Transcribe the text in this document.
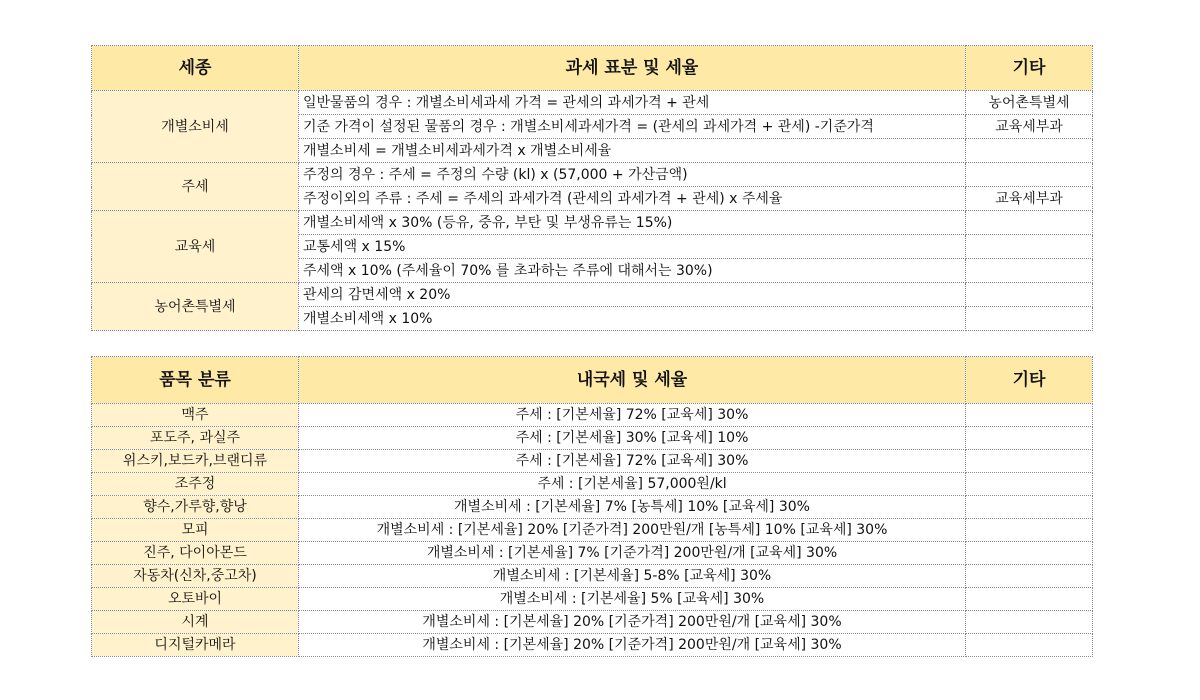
세종	과세 표분 및 세율	기타
개별소비세	일반물품의 경우 : 개별소비세과세 가격 = 관세의 과세가격 + 관세	농어촌특별세
	기준 가격이 설정된 물품의 경우 : 개별소비세과세가격 = (관세의 과세가격 + 관세) -기준가격	교육세부과
	개별소비세 = 개별소비세과세가격 x 개별소비세율	
주세	주정의 경우 : 주세 = 주정의 수량 (kl) x (57,000 + 가산금액)	
	주정이외의 주류 : 주세 = 주세의 과세가격 (관세의 과세가격 + 관세) x 주세율	교육세부과
교육세	개별소비세액 x 30% (등유, 중유, 부탄 및 부생유류는 15%)	
	교통세액 x 15%	
	주세액 x 10% (주세율이 70% 를 초과하는 주류에 대해서는 30%)	
농어촌특별세	관세의 감면세액 x 20%	
	개별소비세액 x 10%	
품목 분류	내국세 및 세율	기타
맥주	주세 : [기본세율] 72% [교육세] 30%	
포도주, 과실주	주세 : [기본세율] 30% [교육세] 10%	
위스키,보드카,브랜디류	주세 : [기본세율] 72% [교육세] 30%	
조주정	주세 : [기본세율] 57,000원/kl	
향수,가루향,향낭	개별소비세 : [기본세율] 7% [농특세] 10% [교육세] 30%	
모피	개별소비세 : [기본세율] 20% [기준가격] 200만원/개 [농특세] 10% [교육세] 30%	
진주, 다이아몬드	개별소비세 : [기본세율] 7% [기준가격] 200만원/개 [교육세] 30%	
자동차(신차,중고차)	개별소비세 : [기본세율] 5-8% [교육세] 30%	
오토바이	개별소비세 : [기본세율] 5% [교육세] 30%	
시계	개별소비세 : [기본세율] 20% [기준가격] 200만원/개 [교육세] 30%	
디지털카메라	개별소비세 : [기본세율] 20% [기준가격] 200만원/개 [교육세] 30%	
